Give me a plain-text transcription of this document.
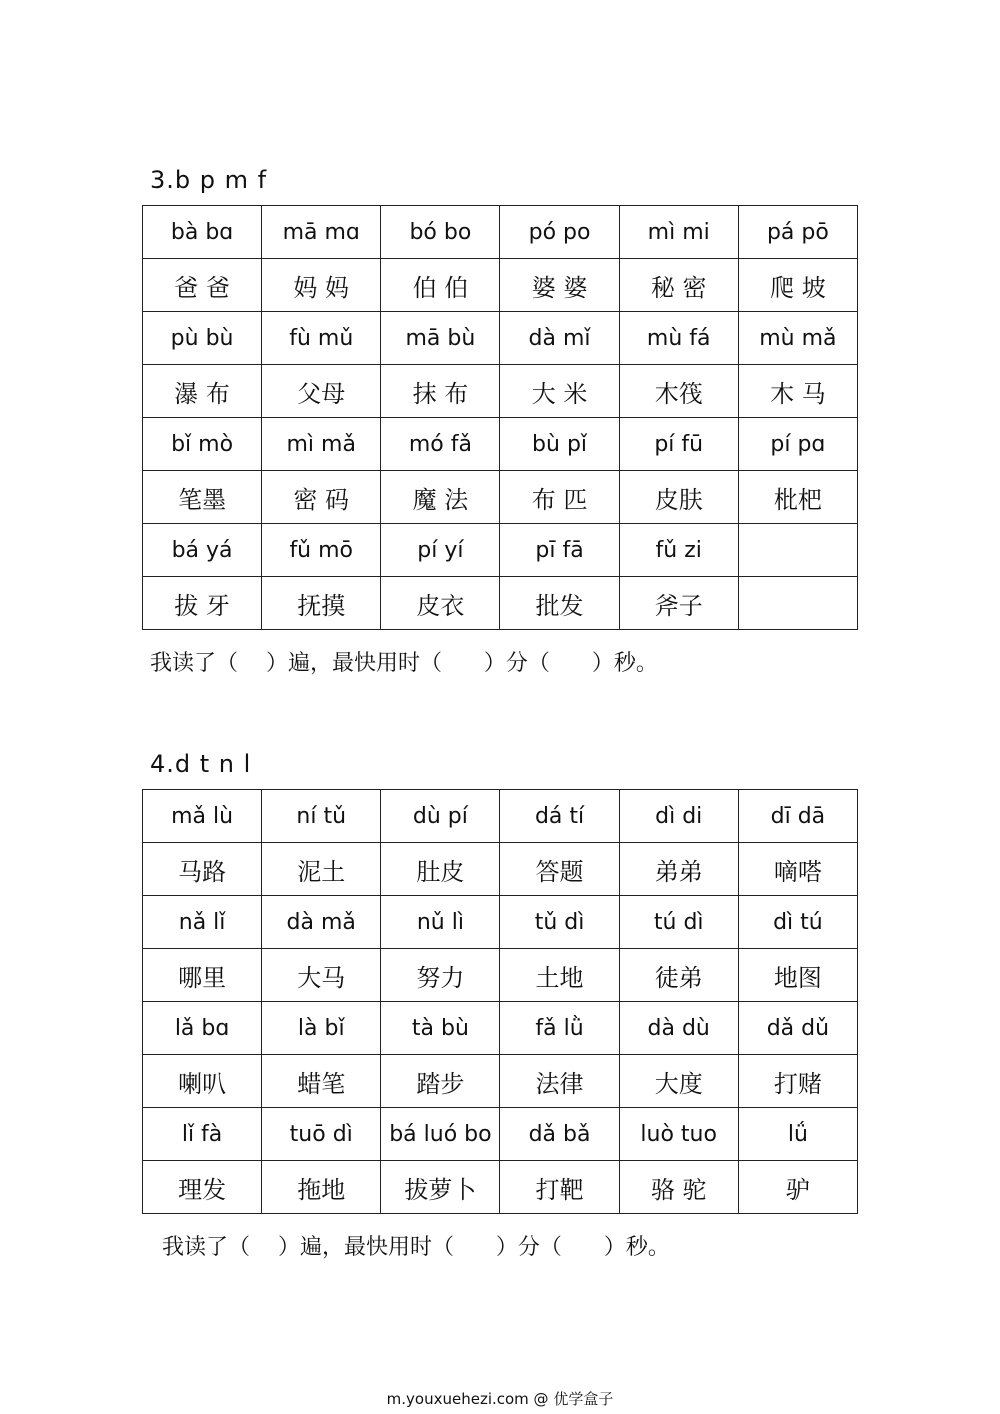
3.b p m f
bà bɑ	mā mɑ	bó bo	pó po	mì mi	pá pō
爸 爸	妈 妈	伯 伯	婆 婆	秘 密	爬 坡
pù bù	fù mǔ	mā bù	dà mǐ	mù fá	mù mǎ
瀑 布	父母	抹 布	大 米	木筏	木 马
bǐ mò	mì mǎ	mó fǎ	bù pǐ	pí fū	pí pɑ
笔墨	密 码	魔 法	布 匹	皮肤	枇杷
bá yá	fǔ mō	pí yí	pī fā	fǔ zi	
拔 牙	抚摸	皮衣	批发	斧子	
我读了（    ）遍，最快用时（      ）分（      ）秒。
4.d t n l
mǎ lù	ní tǔ	dù pí	dá tí	dì di	dī dā
马路	泥土	肚皮	答题	弟弟	嘀嗒
nǎ lǐ	dà mǎ	nǔ lì	tǔ dì	tú dì	dì tú
哪里	大马	努力	土地	徒弟	地图
lǎ bɑ	là bǐ	tà bù	fǎ lǜ	dà dù	dǎ dǔ
喇叭	蜡笔	踏步	法律	大度	打赌
lǐ fà	tuō dì	bá luó bo	dǎ bǎ	luò tuo	lǘ
理发	拖地	拔萝卜	打靶	骆 驼	驴
我读了（    ）遍，最快用时（      ）分（      ）秒。
m.youxuehezi.com @ 优学盒子
